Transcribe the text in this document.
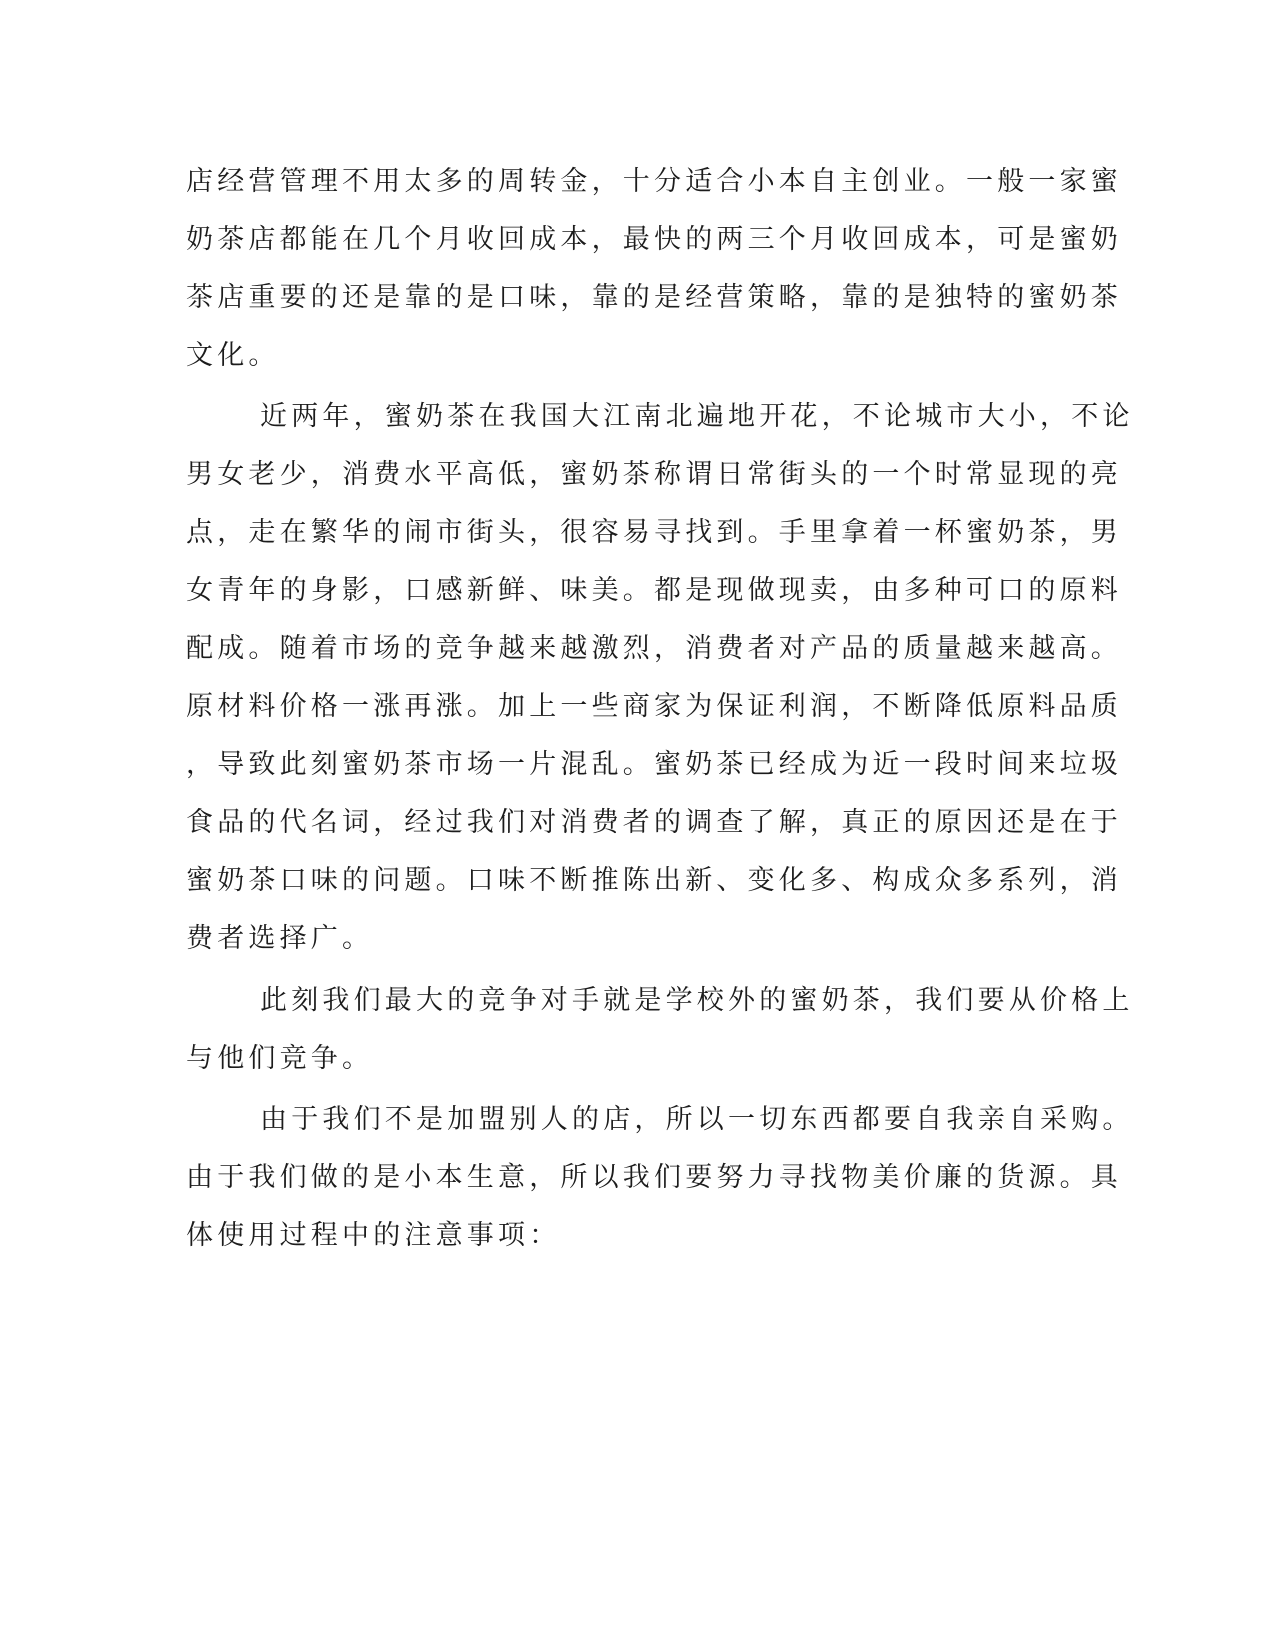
店经营管理不用太多的周转金，十分适合小本自主创业。一般一家蜜
奶茶店都能在几个月收回成本，最快的两三个月收回成本，可是蜜奶
茶店重要的还是靠的是口味，靠的是经营策略，靠的是独特的蜜奶茶
文化。
近两年，蜜奶茶在我国大江南北遍地开花，不论城市大小，不论
男女老少，消费水平高低，蜜奶茶称谓日常街头的一个时常显现的亮
点，走在繁华的闹市街头，很容易寻找到。手里拿着一杯蜜奶茶，男
女青年的身影，口感新鲜、味美。都是现做现卖，由多种可口的原料
配成。随着市场的竞争越来越激烈，消费者对产品的质量越来越高。
原材料价格一涨再涨。加上一些商家为保证利润，不断降低原料品质
，导致此刻蜜奶茶市场一片混乱。蜜奶茶已经成为近一段时间来垃圾
食品的代名词，经过我们对消费者的调查了解，真正的原因还是在于
蜜奶茶口味的问题。口味不断推陈出新、变化多、构成众多系列，消
费者选择广。
此刻我们最大的竞争对手就是学校外的蜜奶茶，我们要从价格上
与他们竞争。
由于我们不是加盟别人的店，所以一切东西都要自我亲自采购。
由于我们做的是小本生意，所以我们要努力寻找物美价廉的货源。具
体使用过程中的注意事项：
